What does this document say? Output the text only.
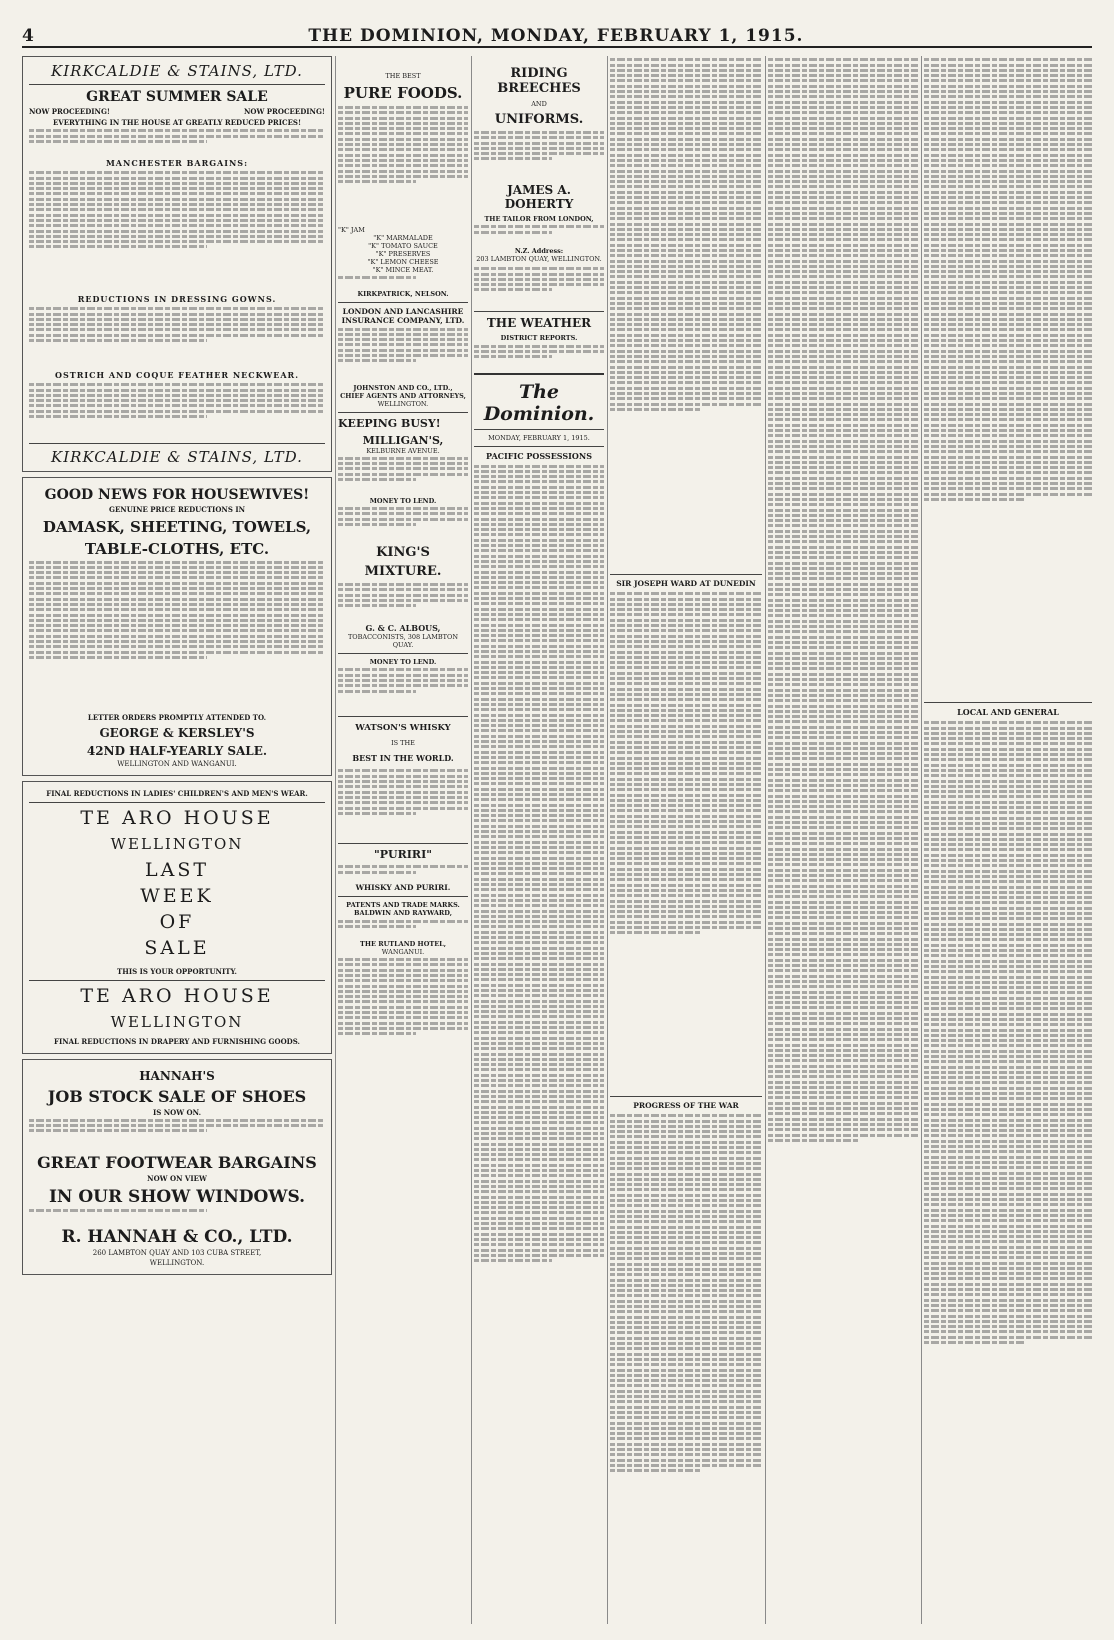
4	THE DOMINION, MONDAY, FEBRUARY 1, 1915.
KIRKCALDIE & STAINS, LTD.
GREAT SUMMER SALE
NOW PROCEEDING!	NOW PROCEEDING!
EVERYTHING IN THE HOUSE AT GREATLY REDUCED PRICES!
MANCHESTER BARGAINS:
REDUCTIONS IN DRESSING GOWNS.
OSTRICH AND COQUE FEATHER NECKWEAR.
KIRKCALDIE & STAINS, LTD.
GOOD NEWS FOR HOUSEWIVES!
GENUINE PRICE REDUCTIONS IN
DAMASK, SHEETING, TOWELS,
TABLE-CLOTHS, ETC.
LETTER ORDERS PROMPTLY ATTENDED TO.
GEORGE & KERSLEY'S
42ND HALF-YEARLY SALE.
WELLINGTON AND WANGANUI.
FINAL REDUCTIONS IN LADIES' CHILDREN'S AND MEN'S WEAR.
TE ARO HOUSE
WELLINGTON
LAST
WEEK
OF
SALE
THIS IS YOUR OPPORTUNITY.
TE ARO HOUSE
WELLINGTON
FINAL REDUCTIONS IN DRAPERY AND FURNISHING GOODS.
HANNAH'S
JOB STOCK SALE OF SHOES
IS NOW ON.
GREAT FOOTWEAR BARGAINS
NOW ON VIEW
IN OUR SHOW WINDOWS.
R. HANNAH & CO., LTD.
260 LAMBTON QUAY AND 103 CUBA STREET,
WELLINGTON.
THE BEST
PURE FOODS.
"K" JAM
"K" MARMALADE
"K" TOMATO SAUCE
"K" PRESERVES
"K" LEMON CHEESE
"K" MINCE MEAT.
KIRKPATRICK, NELSON.
LONDON AND LANCASHIRE
INSURANCE COMPANY, LTD.
JOHNSTON AND CO., LTD.,
CHIEF AGENTS AND ATTORNEYS,
WELLINGTON.
KEEPING BUSY!
MILLIGAN'S,
KELBURNE AVENUE.
MONEY TO LEND.
KING'S
MIXTURE.
G. & C. ALBOUS,
TOBACCONISTS, 308 LAMBTON QUAY.
MONEY TO LEND.
WATSON'S WHISKY
IS THE
BEST IN THE WORLD.
"PURIRI"
WHISKY AND PURIRI.
PATENTS AND TRADE MARKS.
BALDWIN AND RAYWARD,
THE RUTLAND HOTEL,
WANGANUI.
RIDING BREECHES
AND
UNIFORMS.
JAMES A. DOHERTY
THE TAILOR FROM LONDON,
N.Z. Address:
203 LAMBTON QUAY, WELLINGTON.
THE WEATHER
DISTRICT REPORTS.
The Dominion.
MONDAY, FEBRUARY 1, 1915.
PACIFIC POSSESSIONS
SIR JOSEPH WARD AT DUNEDIN
PROGRESS OF THE WAR
LOCAL AND GENERAL
